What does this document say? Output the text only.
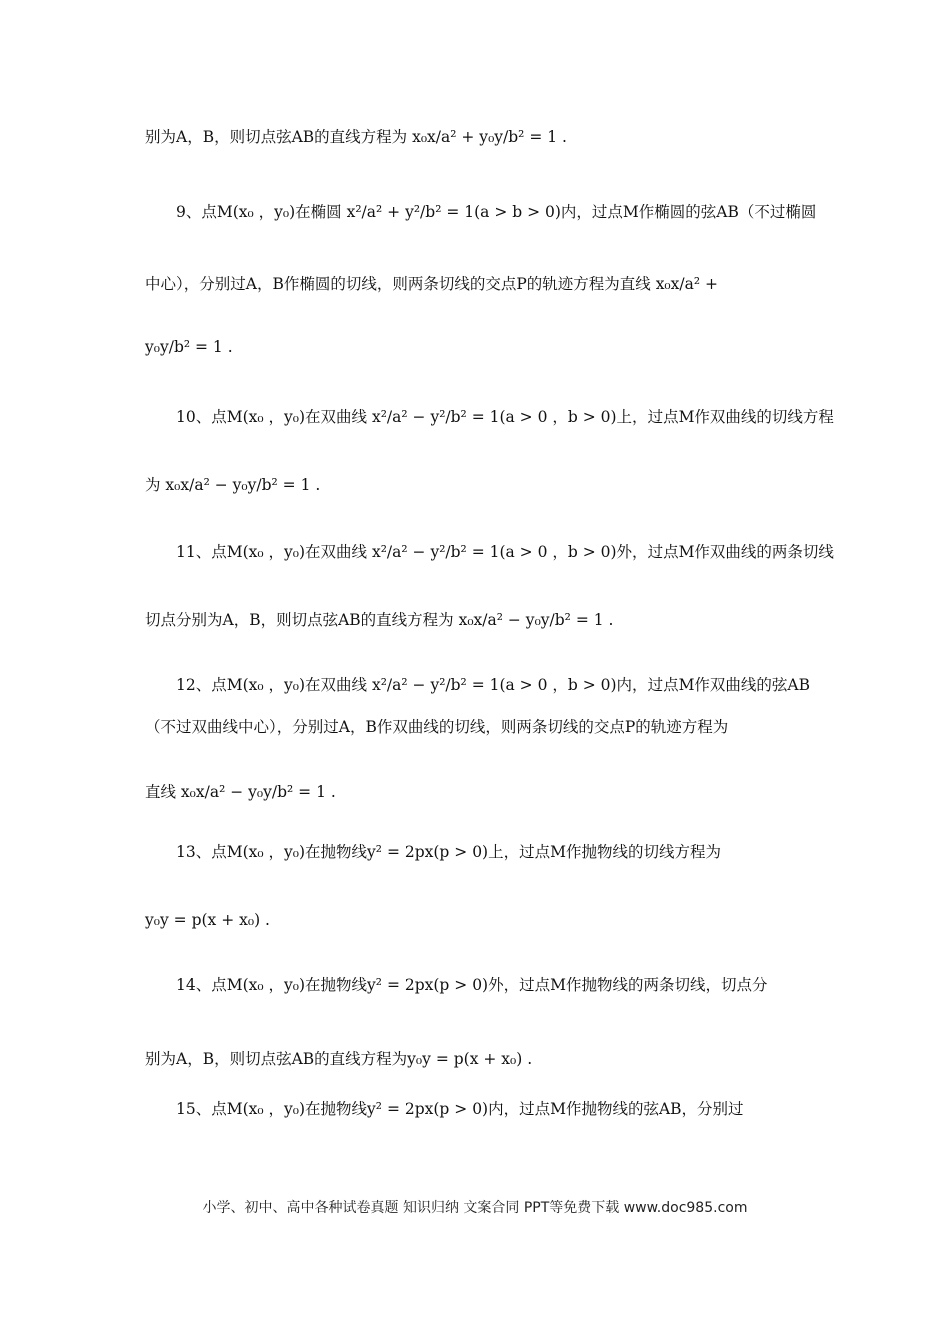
别为A，B，则切点弦AB的直线方程为 x₀x/a² + y₀y/b² = 1 .
9、点M(x₀ ，y₀)在椭圆 x²/a² + y²/b² = 1(a > b > 0)内，过点M作椭圆的弦AB（不过椭圆
中心），分别过A，B作椭圆的切线，则两条切线的交点P的轨迹方程为直线 x₀x/a² +
y₀y/b² = 1 .
10、点M(x₀ ，y₀)在双曲线 x²/a² − y²/b² = 1(a > 0 ，b > 0)上，过点M作双曲线的切线方程
为 x₀x/a² − y₀y/b² = 1 .
11、点M(x₀ ，y₀)在双曲线 x²/a² − y²/b² = 1(a > 0 ，b > 0)外，过点M作双曲线的两条切线
切点分别为A，B，则切点弦AB的直线方程为 x₀x/a² − y₀y/b² = 1 .
12、点M(x₀ ，y₀)在双曲线 x²/a² − y²/b² = 1(a > 0 ，b > 0)内，过点M作双曲线的弦AB
（不过双曲线中心），分别过A，B作双曲线的切线，则两条切线的交点P的轨迹方程为
直线 x₀x/a² − y₀y/b² = 1 .
13、点M(x₀ ，y₀)在抛物线y² = 2px(p > 0)上，过点M作抛物线的切线方程为
y₀y = p(x + x₀) .
14、点M(x₀ ，y₀)在抛物线y² = 2px(p > 0)外，过点M作抛物线的两条切线，切点分
别为A，B，则切点弦AB的直线方程为y₀y = p(x + x₀) .
15、点M(x₀ ，y₀)在抛物线y² = 2px(p > 0)内，过点M作抛物线的弦AB，分别过
小学、初中、高中各种试卷真题 知识归纳 文案合同 PPT等免费下载 www.doc985.com
